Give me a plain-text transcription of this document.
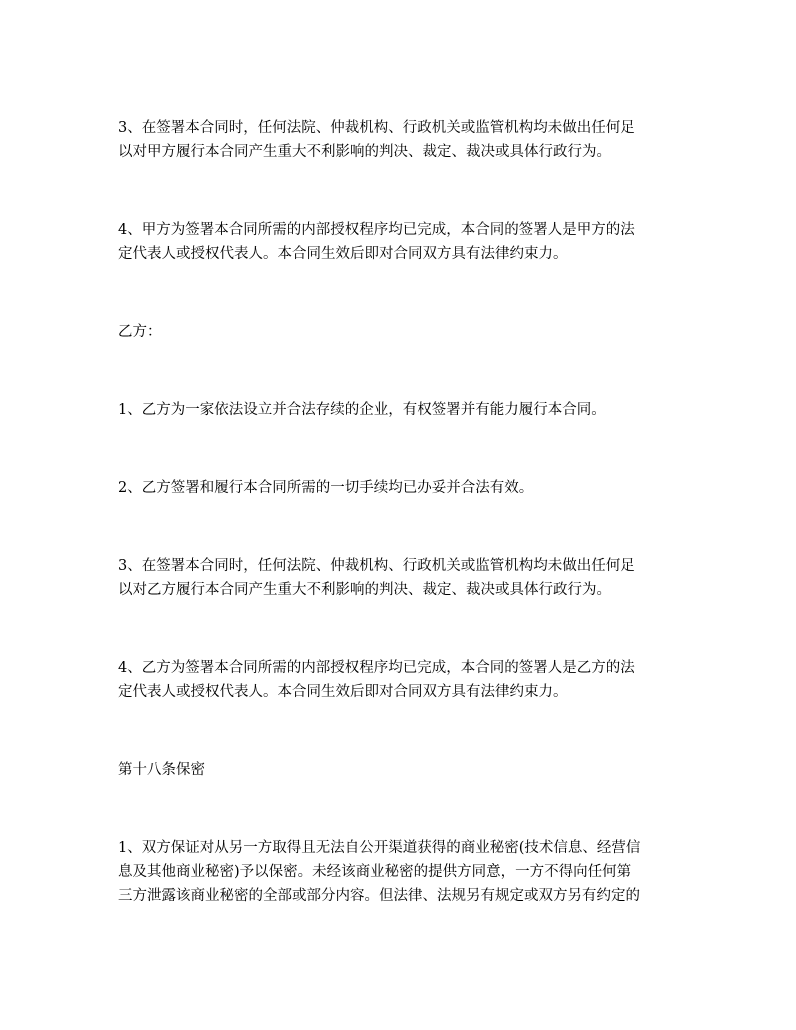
3、在签署本合同时，任何法院、仲裁机构、行政机关或监管机构均未做出任何足
以对甲方履行本合同产生重大不利影响的判决、裁定、裁决或具体行政行为。

4、甲方为签署本合同所需的内部授权程序均已完成，本合同的签署人是甲方的法
定代表人或授权代表人。本合同生效后即对合同双方具有法律约束力。

乙方：

1、乙方为一家依法设立并合法存续的企业，有权签署并有能力履行本合同。

2、乙方签署和履行本合同所需的一切手续均已办妥并合法有效。

3、在签署本合同时，任何法院、仲裁机构、行政机关或监管机构均未做出任何足
以对乙方履行本合同产生重大不利影响的判决、裁定、裁决或具体行政行为。

4、乙方为签署本合同所需的内部授权程序均已完成，本合同的签署人是乙方的法
定代表人或授权代表人。本合同生效后即对合同双方具有法律约束力。

第十八条保密

1、双方保证对从另一方取得且无法自公开渠道获得的商业秘密(技术信息、经营信
息及其他商业秘密)予以保密。未经该商业秘密的提供方同意，一方不得向任何第
三方泄露该商业秘密的全部或部分内容。但法律、法规另有规定或双方另有约定的
